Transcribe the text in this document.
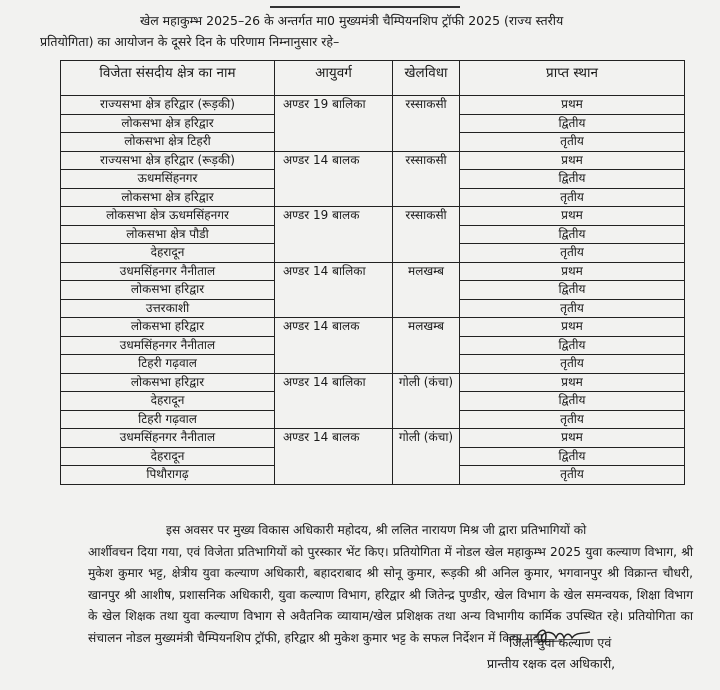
खेल महाकुम्भ 2025–26 के अन्तर्गत मा0 मुख्यमंत्री चैम्पियनशिप ट्रॉफी 2025 (राज्य स्तरीय
प्रतियोगिता) का आयोजन के दूसरे दिन के परिणाम निम्नानुसार रहे–
विजेता संसदीय क्षेत्र का नाम	आयुवर्ग	खेलविधा	प्राप्त स्थान
राज्यसभा क्षेत्र हरिद्वार (रूड़की)	अण्डर 19 बालिका	रस्साकसी	प्रथम
लोकसभा क्षेत्र हरिद्वार			द्वितीय
लोकसभा क्षेत्र टिहरी			तृतीय
राज्यसभा क्षेत्र हरिद्वार (रूड़की)	अण्डर 14 बालक	रस्साकसी	प्रथम
ऊधमसिंहनगर			द्वितीय
लोकसभा क्षेत्र हरिद्वार			तृतीय
लोकसभा क्षेत्र ऊधमसिंहनगर	अण्डर 19 बालक	रस्साकसी	प्रथम
लोकसभा क्षेत्र पौडी			द्वितीय
देहरादून			तृतीय
उधमसिंहनगर नैनीताल	अण्डर 14 बालिका	मलखम्ब	प्रथम
लोकसभा हरिद्वार			द्वितीय
उत्तरकाशी			तृतीय
लोकसभा हरिद्वार	अण्डर 14 बालक	मलखम्ब	प्रथम
उधमसिंहनगर नैनीताल			द्वितीय
टिहरी गढ़वाल			तृतीय
लोकसभा हरिद्वार	अण्डर 14 बालिका	गोली (कंचा)	प्रथम
देहरादून			द्वितीय
टिहरी गढ़वाल			तृतीय
उधमसिंहनगर नैनीताल	अण्डर 14 बालक	गोली (कंचा)	प्रथम
देहरादून			द्वितीय
पिथौरागढ़			तृतीय
इस अवसर पर मुख्य विकास अधिकारी महोदय, श्री ललित नारायण मिश्र जी द्वारा प्रतिभागियों को
आर्शीवचन दिया गया, एवं विजेता प्रतिभागियों को पुरस्कार भेंट किए। प्रतियोगिता में नोडल खेल महाकुम्भ 2025 युवा कल्याण विभाग, श्री मुकेश कुमार भट्ट, क्षेत्रीय युवा कल्याण अधिकारी, बहादराबाद श्री सोनू कुमार, रूड़की श्री अनिल कुमार, भगवानपुर श्री विक्रान्त चौधरी, खानपुर श्री आशीष, प्रशासनिक अधिकारी, युवा कल्याण विभाग, हरिद्वार श्री जितेन्द्र पुण्डीर, खेल विभाग के खेल समन्वयक, शिक्षा विभाग के खेल शिक्षक तथा युवा कल्याण विभाग से अवैतनिक व्यायाम/खेल प्रशिक्षक तथा अन्य विभागीय कार्मिक उपस्थित रहे। प्रतियोगिता का संचालन नोडल मुख्यमंत्री चैम्पियनशिप ट्रॉफी, हरिद्वार श्री मुकेश कुमार भट्ट के सफल निर्देशन में किया गया।
जिला युवा कल्याण एवं
प्रान्तीय रक्षक दल अधिकारी,
